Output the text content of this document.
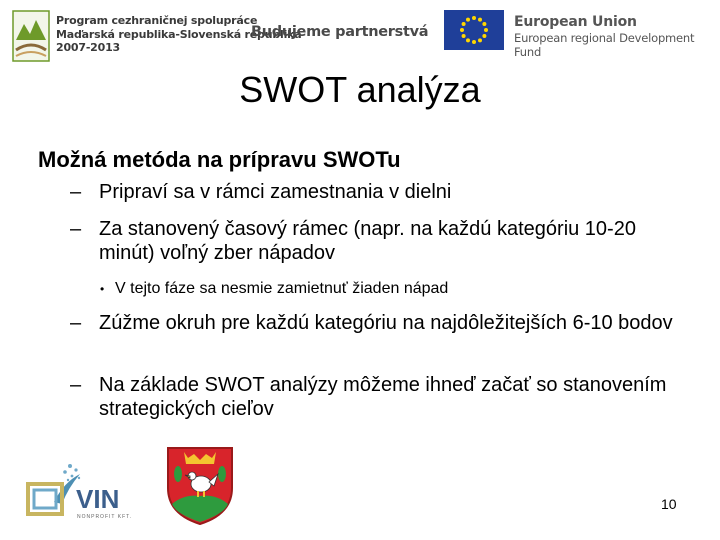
Program cezhraničnej spolupráce
Maďarská republika-Slovenská republika
2007-2013
Budujeme partnerstvá
European Union
European regional Development Fund
SWOT analýza
Možná metóda na prípravu SWOTu
– Pripraví sa v rámci zamestnania v dielni
– Za stanovený časový rámec (napr. na každú kategóriu 10-20 minút) voľný zber nápadov
• V tejto fáze sa nesmie zamietnuť žiaden nápad
– Zúžme okruh pre každú kategóriu na najdôležitejších 6-10 bodov
– Na základe SWOT analýzy môžeme ihneď začať so stanovením strategických cieľov
VIN
NONPROFIT KFT.
10
